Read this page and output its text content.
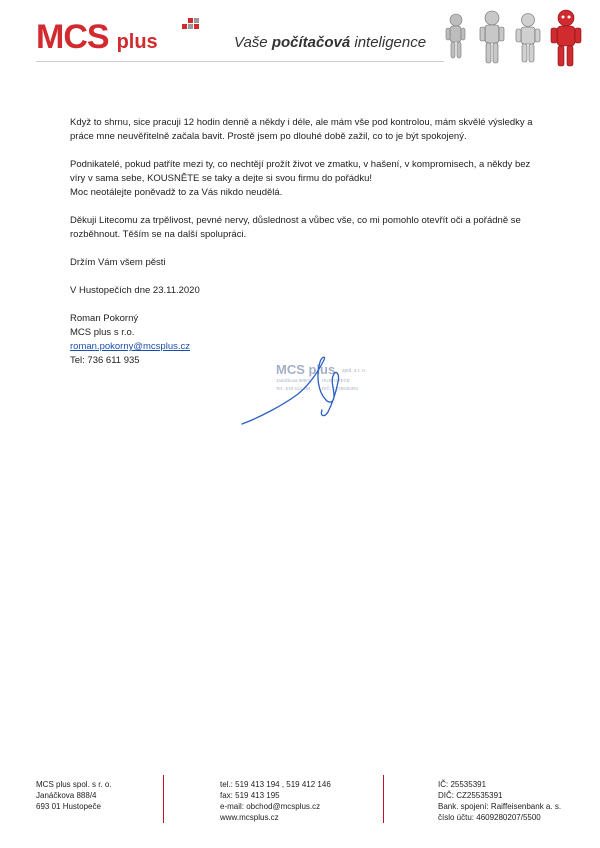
MCS plus	Vaše počítačová inteligence

Když to shrnu, sice pracuji 12 hodin denně a někdy i déle, ale mám vše pod kontrolou, mám skvělé výsledky a práce mne neuvěřitelně začala bavit. Prostě jsem po dlouhé době zažil, co to je být spokojený.

Podnikatelé, pokud patříte mezi ty, co nechtějí prožít život ve zmatku, v hašení, v kompromisech, a někdy bez víry v sama sebe, KOUSNĚTE se taky a dejte si svou firmu do pořádku!

Moc neotálejte poněvadž to za Vás nikdo neudělá.

Děkuji Litecomu za trpělivost, pevné nervy, důslednost a vůbec vše, co mi pomohlo otevřít oči a pořádně se rozběhnout. Těším se na další spolupráci.

Držím Vám všem pěsti

V Hustopečích dne 23.11.2020

Roman Pokorný

MCS plus s r.o.

roman.pokorny@mcsplus.cz

Tel: 736 611 935

MCS plus spol. s r. o.
Janáčkova 888/4	HUSTOPEČE
Tel.: 519 413 194	DIČ: CZ25535391
MCS plus spol. s r. o.
Janáčkova 888/4
693 01 Hustopeče
tel.: 519 413 194 , 519 412 146
fax: 519 413 195
e-mail: obchod@mcsplus.cz
www.mcsplus.cz
IČ: 25535391
DIČ: CZ25535391
Bank. spojení: Raiffeisenbank a. s.
číslo účtu: 4609280207/5500
